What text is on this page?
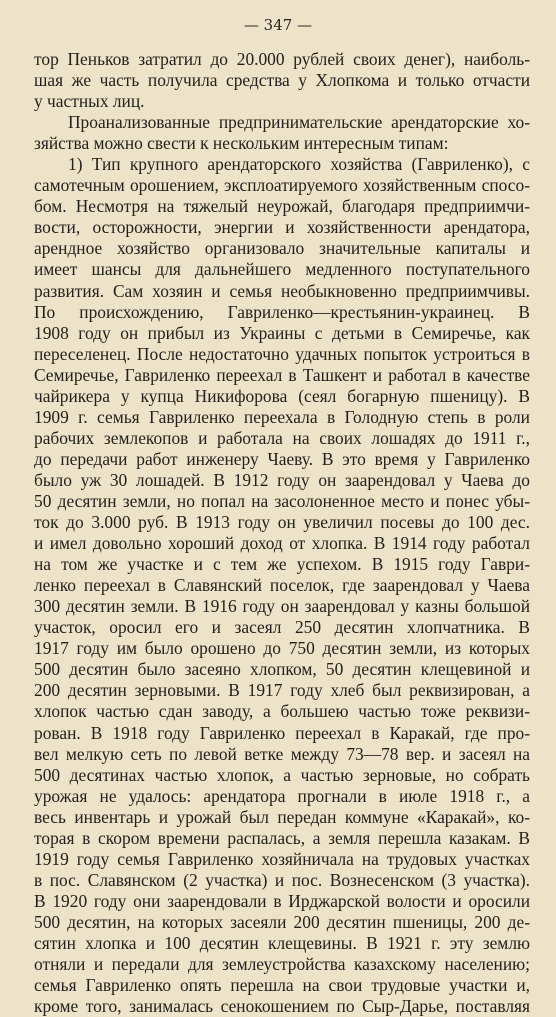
— 347 —
тор Пеньков затратил до 20.000 рублей своих денег), наиболь-
шая же часть получила средства у Хлопкома и только отчасти
у частных лиц.
Проанализованные предпринимательские арендаторские хо-
зяйства можно свести к нескольким интересным типам:
1) Тип крупного арендаторского хозяйства (Гавриленко), с
самотечным орошением, эксплоатируемого хозяйственным спосо-
бом. Несмотря на тяжелый неурожай, благодаря предприимчи-
вости, осторожности, энергии и хозяйственности арендатора,
арендное хозяйство организовало значительные капиталы и
имеет шансы для дальнейшего медленного поступательного
развития. Сам хозяин и семья необыкновенно предприимчивы.
По происхождению, Гавриленко—крестьянин-украинец. В
1908 году он прибыл из Украины с детьми в Семиречье, как
переселенец. После недостаточно удачных попыток устроиться в
Семиречье, Гавриленко переехал в Ташкент и работал в качестве
чайрикера у купца Никифорова (сеял богарную пшеницу). В
1909 г. семья Гавриленко переехала в Голодную степь в роли
рабочих землекопов и работала на своих лошадях до 1911 г.,
до передачи работ инженеру Чаеву. В это время у Гавриленко
было уж 30 лошадей. В 1912 году он заарендовал у Чаева до
50 десятин земли, но попал на засолоненное место и понес убы-
ток до 3.000 руб. В 1913 году он увеличил посевы до 100 дес.
и имел довольно хороший доход от хлопка. В 1914 году работал
на том же участке и с тем же успехом. В 1915 году Гаври-
ленко переехал в Славянский поселок, где заарендовал у Чаева
300 десятин земли. В 1916 году он заарендовал у казны большой
участок, оросил его и засеял 250 десятин хлопчатника. В
1917 году им было орошено до 750 десятин земли, из которых
500 десятин было засеяно хлопком, 50 десятин клещевиной и
200 десятин зерновыми. В 1917 году хлеб был реквизирован, а
хлопок частью сдан заводу, а большею частью тоже реквизи-
рован. В 1918 году Гавриленко переехал в Каракай, где про-
вел мелкую сеть по левой ветке между 73—78 вер. и засеял на
500 десятинах частью хлопок, а частью зерновые, но собрать
урожая не удалось: арендатора прогнали в июле 1918 г., а
весь инвентарь и урожай был передан коммуне «Каракай», ко-
торая в скором времени распалась, а земля перешла казакам. В
1919 году семья Гавриленко хозяйничала на трудовых участках
в пос. Славянском (2 участка) и пос. Вознесенском (3 участка).
В 1920 году они заарендовали в Ирджарской волости и оросили
500 десятин, на которых засеяли 200 десятин пшеницы, 200 де-
сятин хлопка и 100 десятин клещевины. В 1921 г. эту землю
отняли и передали для землеустройства казахскому населению;
семья Гавриленко опять перешла на свои трудовые участки и,
кроме того, занималась сенокошением по Сыр-Дарье, поставляя
